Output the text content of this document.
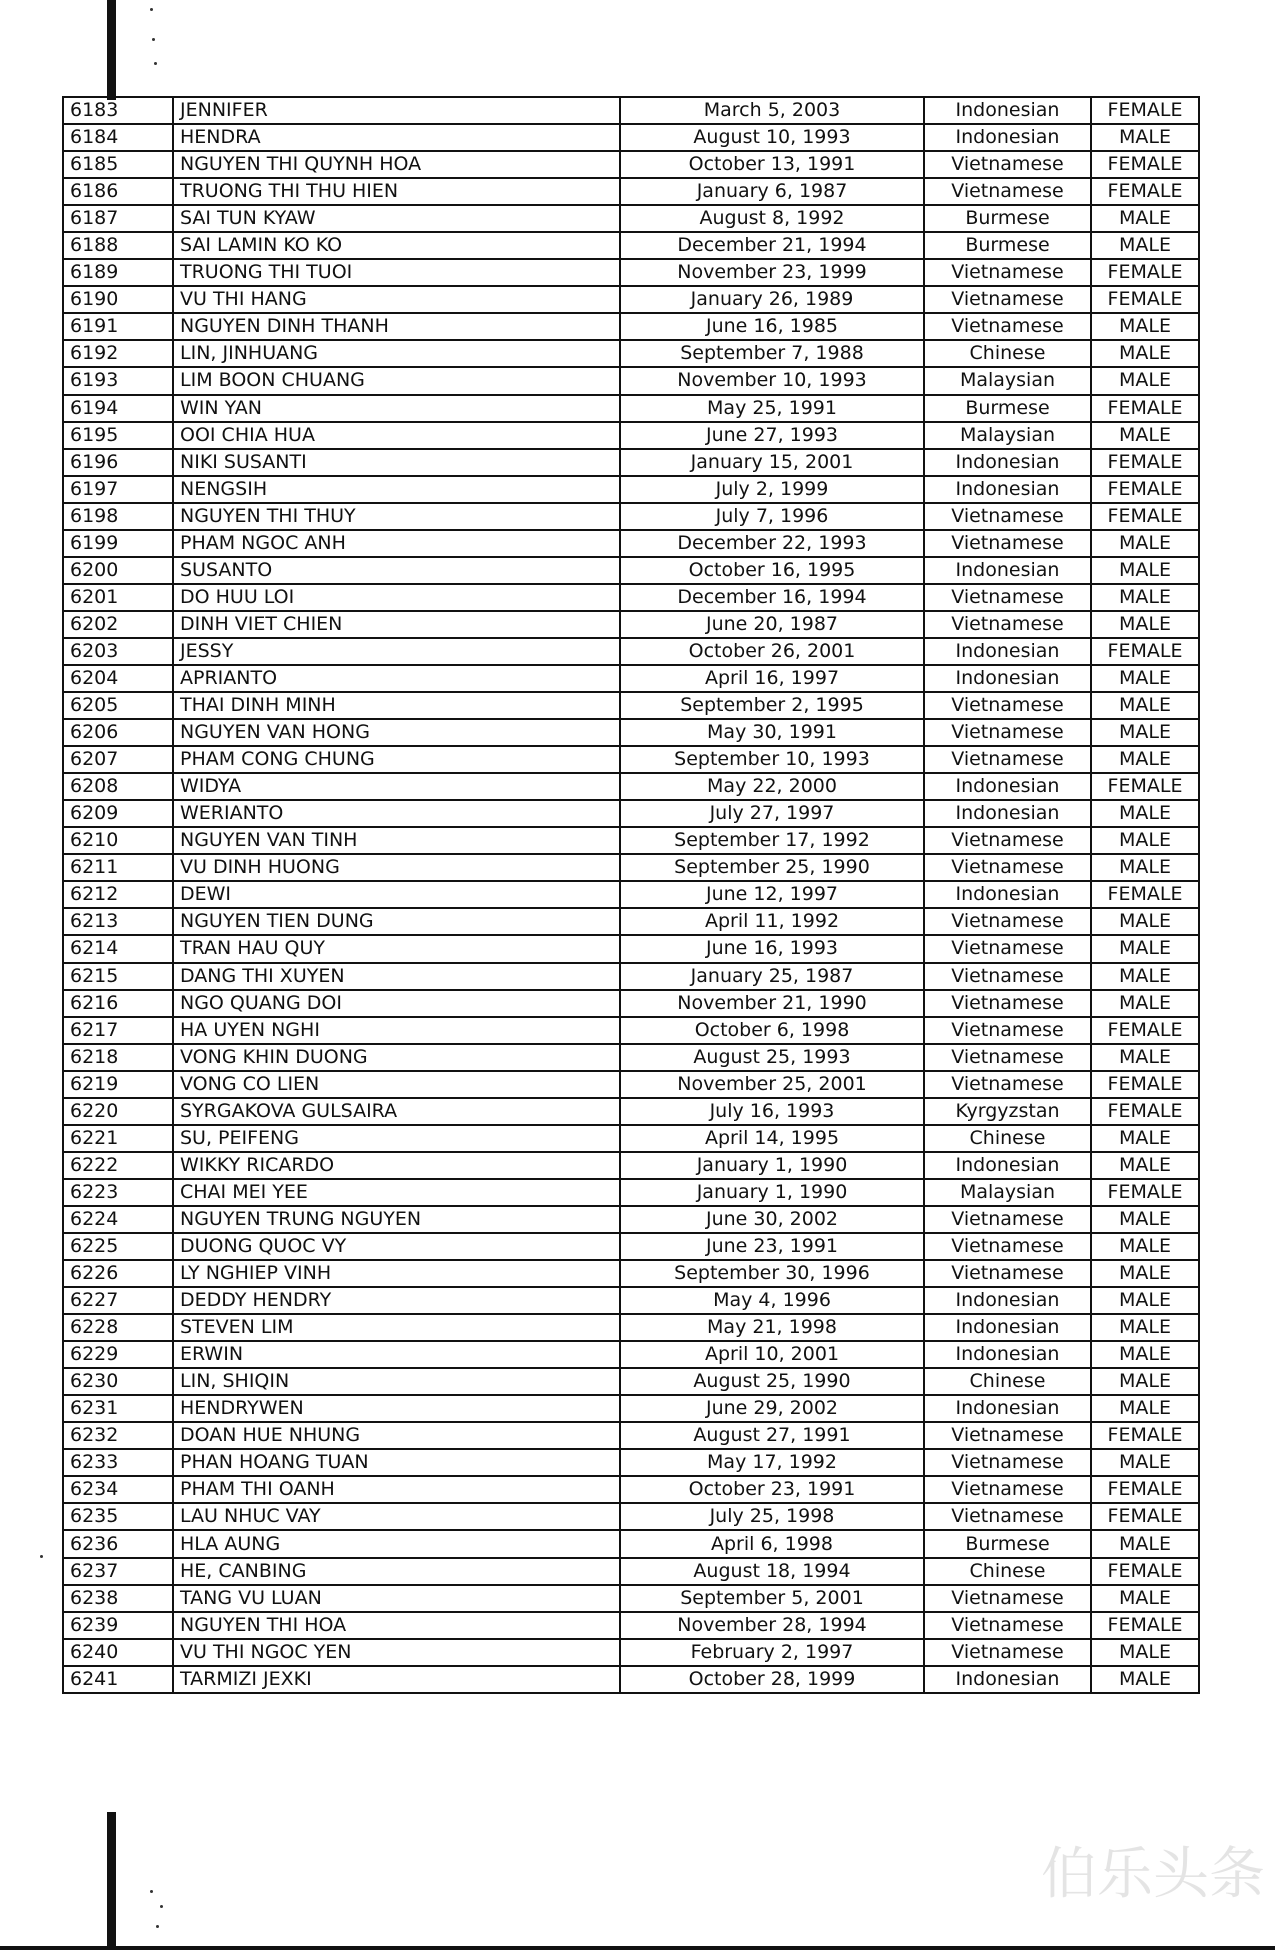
6183	JENNIFER	March 5, 2003	Indonesian	FEMALE
6184	HENDRA	August 10, 1993	Indonesian	MALE
6185	NGUYEN THI QUYNH HOA	October 13, 1991	Vietnamese	FEMALE
6186	TRUONG THI THU HIEN	January 6, 1987	Vietnamese	FEMALE
6187	SAI TUN KYAW	August 8, 1992	Burmese	MALE
6188	SAI LAMIN KO KO	December 21, 1994	Burmese	MALE
6189	TRUONG THI TUOI	November 23, 1999	Vietnamese	FEMALE
6190	VU THI HANG	January 26, 1989	Vietnamese	FEMALE
6191	NGUYEN DINH THANH	June 16, 1985	Vietnamese	MALE
6192	LIN, JINHUANG	September 7, 1988	Chinese	MALE
6193	LIM BOON CHUANG	November 10, 1993	Malaysian	MALE
6194	WIN YAN	May 25, 1991	Burmese	FEMALE
6195	OOI CHIA HUA	June 27, 1993	Malaysian	MALE
6196	NIKI SUSANTI	January 15, 2001	Indonesian	FEMALE
6197	NENGSIH	July 2, 1999	Indonesian	FEMALE
6198	NGUYEN THI THUY	July 7, 1996	Vietnamese	FEMALE
6199	PHAM NGOC ANH	December 22, 1993	Vietnamese	MALE
6200	SUSANTO	October 16, 1995	Indonesian	MALE
6201	DO HUU LOI	December 16, 1994	Vietnamese	MALE
6202	DINH VIET CHIEN	June 20, 1987	Vietnamese	MALE
6203	JESSY	October 26, 2001	Indonesian	FEMALE
6204	APRIANTO	April 16, 1997	Indonesian	MALE
6205	THAI DINH MINH	September 2, 1995	Vietnamese	MALE
6206	NGUYEN VAN HONG	May 30, 1991	Vietnamese	MALE
6207	PHAM CONG CHUNG	September 10, 1993	Vietnamese	MALE
6208	WIDYA	May 22, 2000	Indonesian	FEMALE
6209	WERIANTO	July 27, 1997	Indonesian	MALE
6210	NGUYEN VAN TINH	September 17, 1992	Vietnamese	MALE
6211	VU DINH HUONG	September 25, 1990	Vietnamese	MALE
6212	DEWI	June 12, 1997	Indonesian	FEMALE
6213	NGUYEN TIEN DUNG	April 11, 1992	Vietnamese	MALE
6214	TRAN HAU QUY	June 16, 1993	Vietnamese	MALE
6215	DANG THI XUYEN	January 25, 1987	Vietnamese	MALE
6216	NGO QUANG DOI	November 21, 1990	Vietnamese	MALE
6217	HA UYEN NGHI	October 6, 1998	Vietnamese	FEMALE
6218	VONG KHIN DUONG	August 25, 1993	Vietnamese	MALE
6219	VONG CO LIEN	November 25, 2001	Vietnamese	FEMALE
6220	SYRGAKOVA GULSAIRA	July 16, 1993	Kyrgyzstan	FEMALE
6221	SU, PEIFENG	April 14, 1995	Chinese	MALE
6222	WIKKY RICARDO	January 1, 1990	Indonesian	MALE
6223	CHAI MEI YEE	January 1, 1990	Malaysian	FEMALE
6224	NGUYEN TRUNG NGUYEN	June 30, 2002	Vietnamese	MALE
6225	DUONG QUOC VY	June 23, 1991	Vietnamese	MALE
6226	LY NGHIEP VINH	September 30, 1996	Vietnamese	MALE
6227	DEDDY HENDRY	May 4, 1996	Indonesian	MALE
6228	STEVEN LIM	May 21, 1998	Indonesian	MALE
6229	ERWIN	April 10, 2001	Indonesian	MALE
6230	LIN, SHIQIN	August 25, 1990	Chinese	MALE
6231	HENDRYWEN	June 29, 2002	Indonesian	MALE
6232	DOAN HUE NHUNG	August 27, 1991	Vietnamese	FEMALE
6233	PHAN HOANG TUAN	May 17, 1992	Vietnamese	MALE
6234	PHAM THI OANH	October 23, 1991	Vietnamese	FEMALE
6235	LAU NHUC VAY	July 25, 1998	Vietnamese	FEMALE
6236	HLA AUNG	April 6, 1998	Burmese	MALE
6237	HE, CANBING	August 18, 1994	Chinese	FEMALE
6238	TANG VU LUAN	September 5, 2001	Vietnamese	MALE
6239	NGUYEN THI HOA	November 28, 1994	Vietnamese	FEMALE
6240	VU THI NGOC YEN	February 2, 1997	Vietnamese	MALE
6241	TARMIZI JEXKI	October 28, 1999	Indonesian	MALE
伯乐头条
